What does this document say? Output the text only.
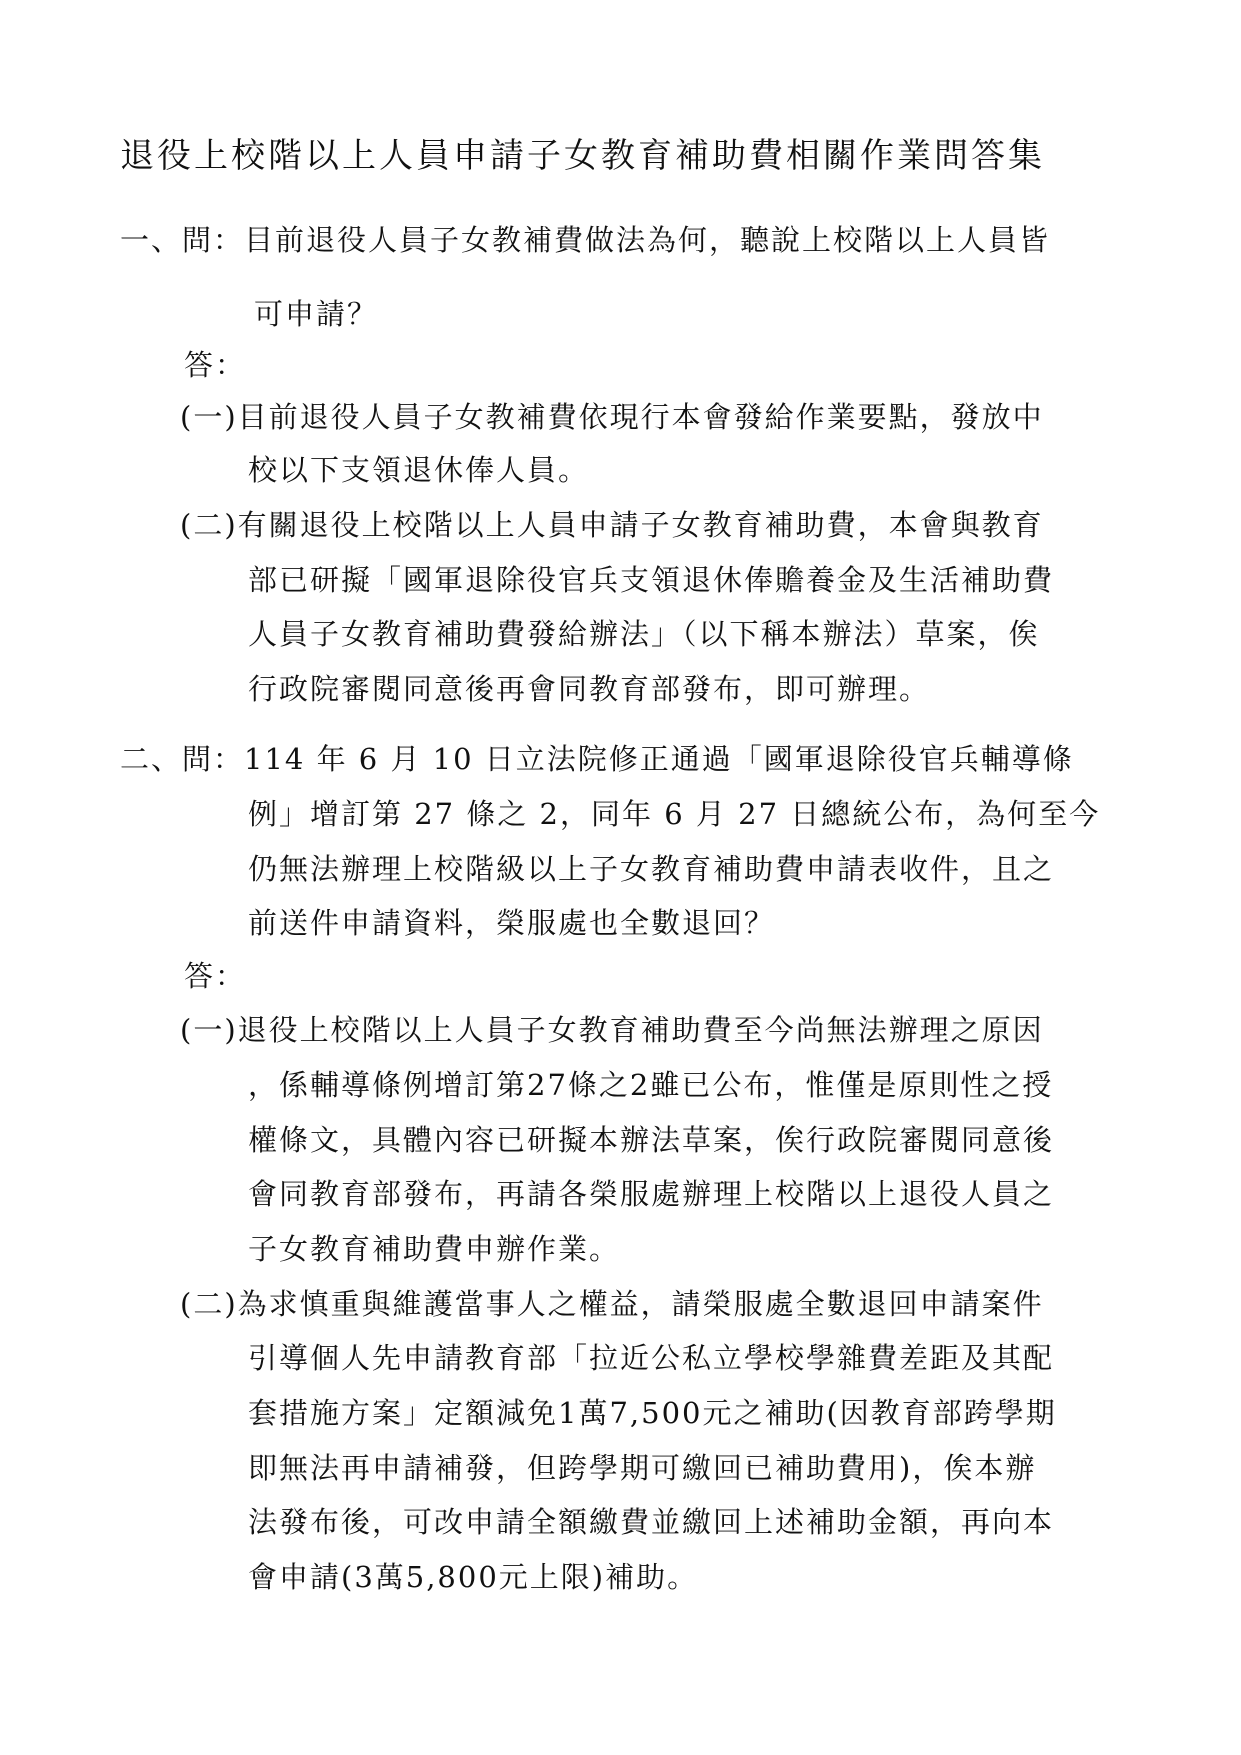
退役上校階以上人員申請子女教育補助費相關作業問答集
一、問：目前退役人員子女教補費做法為何，聽說上校階以上人員皆
可申請？
答：
(一)目前退役人員子女教補費依現行本會發給作業要點，發放中
校以下支領退休俸人員。
(二)有關退役上校階以上人員申請子女教育補助費，本會與教育
部已研擬「國軍退除役官兵支領退休俸贍養金及生活補助費
人員子女教育補助費發給辦法」（以下稱本辦法）草案，俟
行政院審閱同意後再會同教育部發布，即可辦理。
二、問：114 年 6 月 10 日立法院修正通過「國軍退除役官兵輔導條
例」增訂第 27 條之 2，同年 6 月 27 日總統公布，為何至今
仍無法辦理上校階級以上子女教育補助費申請表收件，且之
前送件申請資料，榮服處也全數退回？
答：
(一)退役上校階以上人員子女教育補助費至今尚無法辦理之原因
，係輔導條例增訂第27條之2雖已公布，惟僅是原則性之授
權條文，具體內容已研擬本辦法草案，俟行政院審閱同意後
會同教育部發布，再請各榮服處辦理上校階以上退役人員之
子女教育補助費申辦作業。
(二)為求慎重與維護當事人之權益，請榮服處全數退回申請案件
引導個人先申請教育部「拉近公私立學校學雜費差距及其配
套措施方案」定額減免1萬7,500元之補助(因教育部跨學期
即無法再申請補發，但跨學期可繳回已補助費用)，俟本辦
法發布後，可改申請全額繳費並繳回上述補助金額，再向本
會申請(3萬5,800元上限)補助。
